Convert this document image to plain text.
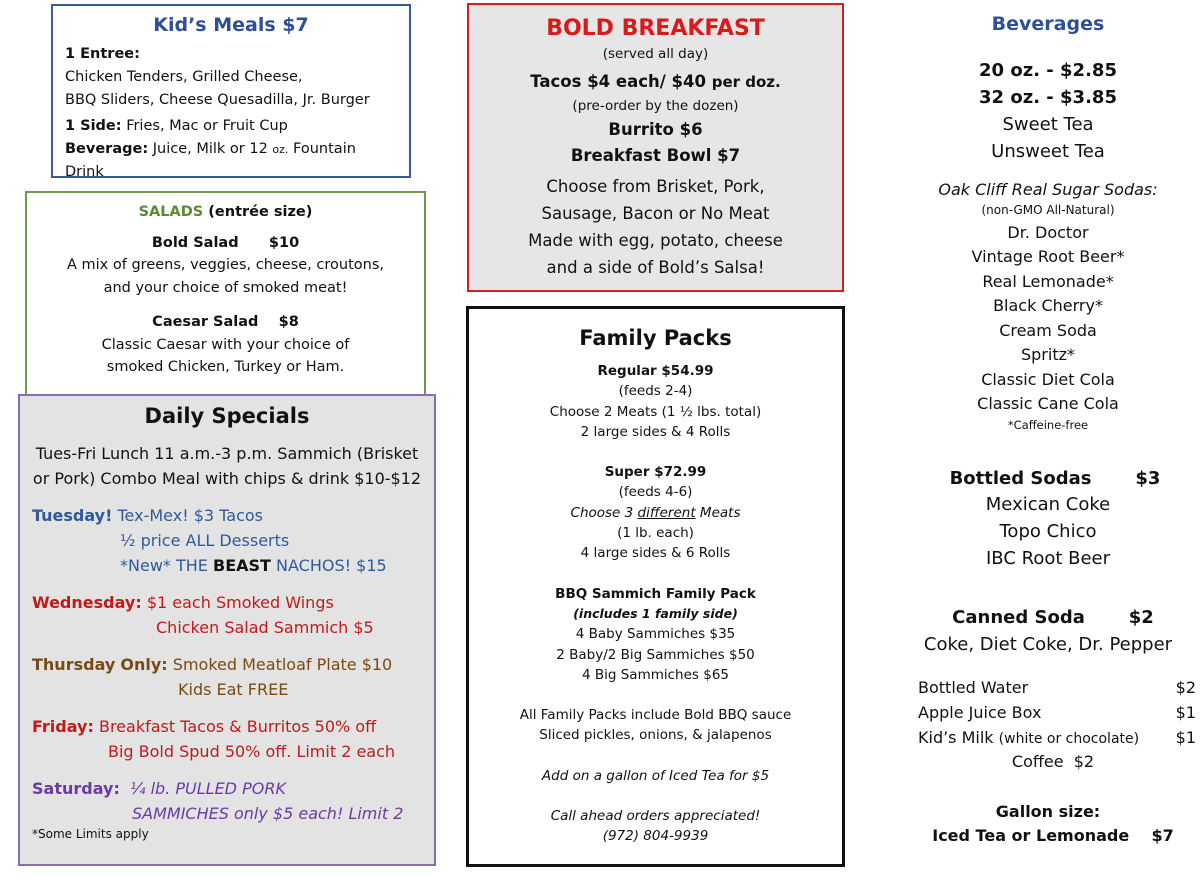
Kid’s Meals $7

1 Entree:

Chicken Tenders, Grilled Cheese,

BBQ Sliders, Cheese Quesadilla, Jr. Burger

1 Side: Fries, Mac or Fruit Cup

Beverage: Juice, Milk or 12 oz. Fountain Drink

SALADS (entrée size)

Bold Salad $10

A mix of greens, veggies, cheese, croutons,

and your choice of smoked meat!

Caesar Salad $8

Classic Caesar with your choice of

smoked Chicken, Turkey or Ham.

Daily Specials

Tues-Fri Lunch 11 a.m.-3 p.m. Sammich (Brisket

or Pork) Combo Meal with chips & drink $10-$12

Tuesday! Tex-Mex! $3 Tacos

½ price ALL Desserts

*New* THE BEAST NACHOS! $15

Wednesday: $1 each Smoked Wings

Chicken Salad Sammich $5

Thursday Only: Smoked Meatloaf Plate $10

Kids Eat FREE

Friday: Breakfast Tacos & Burritos 50% off

Big Bold Spud 50% off. Limit 2 each

Saturday: ¼ lb. PULLED PORK

SAMMICHES only $5 each! Limit 2

*Some Limits apply

BOLD BREAKFAST

(served all day)

Tacos $4 each/ $40 per doz.

(pre-order by the dozen)

Burrito $6

Breakfast Bowl $7

Choose from Brisket, Pork,

Sausage, Bacon or No Meat

Made with egg, potato, cheese

and a side of Bold’s Salsa!

Family Packs

Regular $54.99

(feeds 2-4)

Choose 2 Meats (1 ½ lbs. total)

2 large sides & 4 Rolls

Super $72.99

(feeds 4-6)

Choose 3 different Meats

(1 lb. each)

4 large sides & 6 Rolls

BBQ Sammich Family Pack

(includes 1 family side)

4 Baby Sammiches $35

2 Baby/2 Big Sammiches $50

4 Big Sammiches $65

All Family Packs include Bold BBQ sauce

Sliced pickles, onions, & jalapenos

Add on a gallon of Iced Tea for $5

Call ahead orders appreciated!

(972) 804-9939

Beverages

20 oz. - $2.85

32 oz. - $3.85

Sweet Tea

Unsweet Tea

Oak Cliff Real Sugar Sodas:

(non-GMO All-Natural)

Dr. Doctor

Vintage Root Beer*

Real Lemonade*

Black Cherry*

Cream Soda

Spritz*

Classic Diet Cola

Classic Cane Cola

*Caffeine-free

Bottled Sodas $3

Mexican Coke

Topo Chico

IBC Root Beer

Canned Soda $2

Coke, Diet Coke, Dr. Pepper

Bottled Water	$2
Apple Juice Box	$1
Kid’s Milk (white or chocolate) $1

Coffee $2

Gallon size:

Iced Tea or Lemonade $7
